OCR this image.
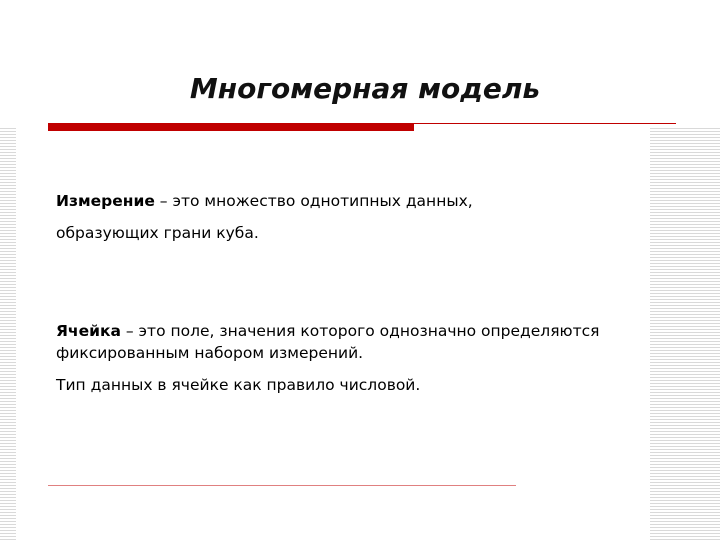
Многомерная модель

Измерение – это множество однотипных данных,

образующих грани куба.

Ячейка – это поле, значения которого однозначно определяются фиксированным набором измерений.

Тип данных в ячейке как правило числовой.
